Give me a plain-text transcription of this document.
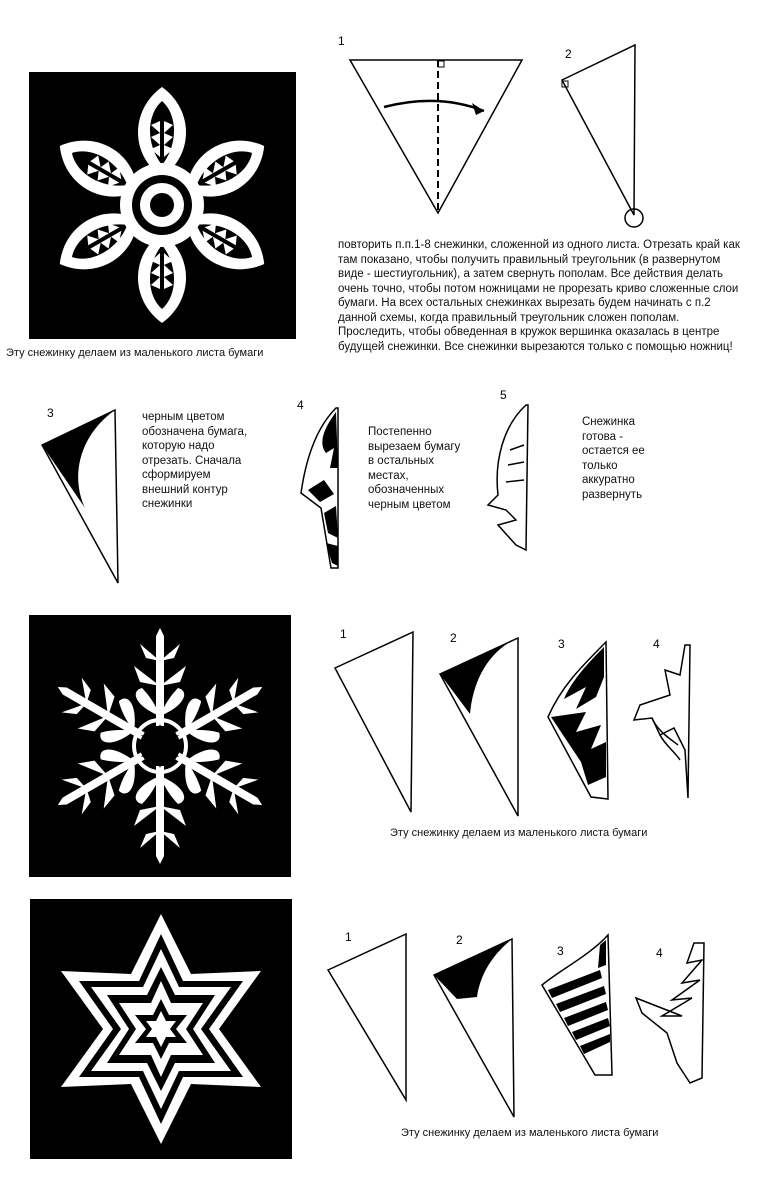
Эту снежинку делаем из маленького листа бумаги
1
2
повторить п.п.1-8 снежинки, сложенной из одного листа. Отрезать край как там показано, чтобы получить правильный треугольник (в развернутом виде - шестиугольник), а затем свернуть пополам. Все действия делать очень точно, чтобы потом ножницами не прорезать криво сложенные слои бумаги. На всех остальных снежинках вырезать будем начинать с п.2 данной схемы, когда правильный треугольник сложен пополам. Проследить, чтобы обведенная в кружок вершинка оказалась в центре будущей снежинки. Все снежинки вырезаются только с помощью ножниц!
3	черным цветом обозначена бумага, которую надо отрезать. Сначала сформируем внешний контур снежинки
4
Постепенно вырезаем бумагу в остальных местах, обозначенных черным цветом
5
Снежинка готова - остается ее только аккуратно развернуть
1	2	3	4
Эту снежинку делаем из маленького листа бумаги
1	2
3	4
Эту снежинку делаем из маленького листа бумаги
